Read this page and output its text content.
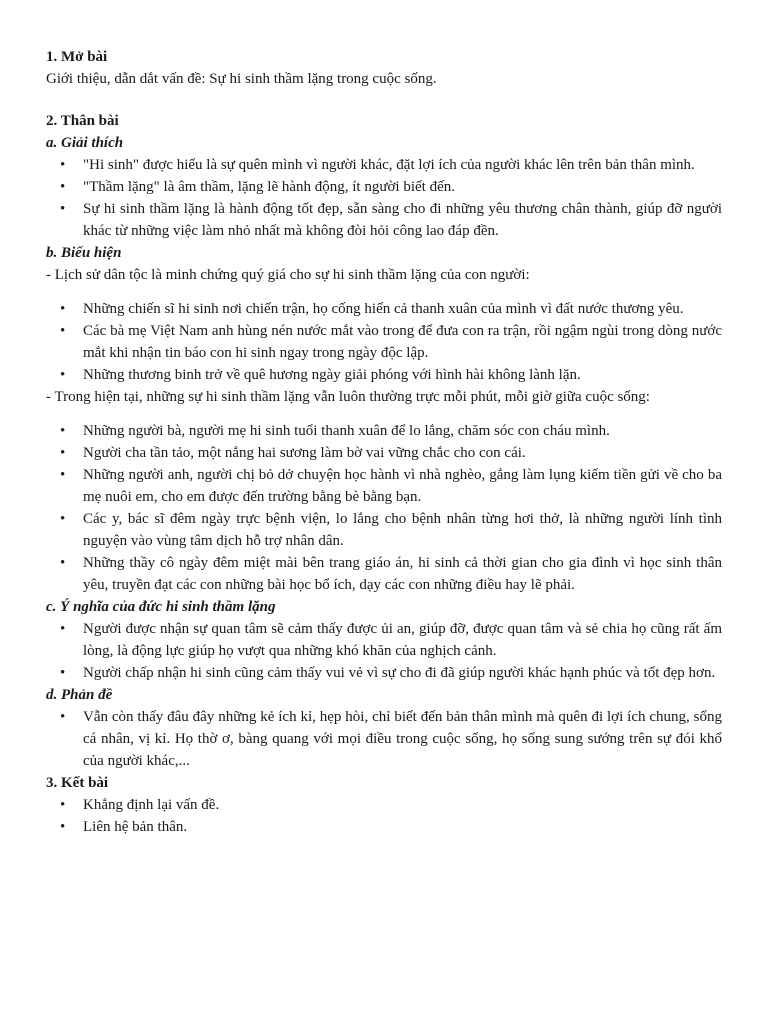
1. Mở bài
Giới thiệu, dẫn dắt vấn đề: Sự hi sinh thầm lặng trong cuộc sống.
2. Thân bài
a. Giải thích
• "Hi sinh" được hiểu là sự quên mình vì người khác, đặt lợi ích của người khác lên trên bản thân mình.
• "Thầm lặng" là âm thầm, lặng lẽ hành động, ít người biết đến.
• Sự hi sinh thầm lặng là hành động tốt đẹp, sẵn sàng cho đi những yêu thương chân thành, giúp đỡ người khác từ những việc làm nhỏ nhất mà không đòi hỏi công lao đáp đền.
b. Biểu hiện
- Lịch sử dân tộc là minh chứng quý giá cho sự hi sinh thầm lặng của con người:
• Những chiến sĩ hi sinh nơi chiến trận, họ cống hiến cả thanh xuân của mình vì đất nước thương yêu.
• Các bà mẹ Việt Nam anh hùng nén nước mắt vào trong để đưa con ra trận, rồi ngậm ngùi trong dòng nước mắt khi nhận tin báo con hi sinh ngay trong ngày độc lập.
• Những thương binh trở về quê hương ngày giải phóng với hình hài không lành lặn.
- Trong hiện tại, những sự hi sinh thầm lặng vẫn luôn thường trực mỗi phút, mỗi giờ giữa cuộc sống:
• Những người bà, người mẹ hi sinh tuổi thanh xuân để lo lắng, chăm sóc con cháu mình.
• Người cha tần tảo, một nắng hai sương làm bờ vai vững chắc cho con cái.
• Những người anh, người chị bỏ dở chuyện học hành vì nhà nghèo, gắng làm lụng kiếm tiền gửi về cho ba mẹ nuôi em, cho em được đến trường bằng bè bằng bạn.
• Các y, bác sĩ đêm ngày trực bệnh viện, lo lắng cho bệnh nhân từng hơi thở, là những người lính tình nguyện vào vùng tâm dịch hỗ trợ nhân dân.
• Những thầy cô ngày đêm miệt mài bên trang giáo án, hi sinh cả thời gian cho gia đình vì học sinh thân yêu, truyền đạt các con những bài học bổ ích, dạy các con những điều hay lẽ phải.
c. Ý nghĩa của đức hi sinh thầm lặng
• Người được nhận sự quan tâm sẽ cảm thấy được ủi an, giúp đỡ, được quan tâm và sẻ chia họ cũng rất ấm lòng, là động lực giúp họ vượt qua những khó khăn của nghịch cảnh.
• Người chấp nhận hi sinh cũng cảm thấy vui vẻ vì sự cho đi đã giúp người khác hạnh phúc và tốt đẹp hơn.
d. Phản đề
• Vẫn còn thấy đâu đây những kẻ ích kỉ, hẹp hòi, chỉ biết đến bản thân mình mà quên đi lợi ích chung, sống cá nhân, vị kỉ. Họ thờ ơ, bàng quang với mọi điều trong cuộc sống, họ sống sung sướng trên sự đói khổ của người khác,...
3. Kết bài
• Khẳng định lại vấn đề.
• Liên hệ bản thân.
